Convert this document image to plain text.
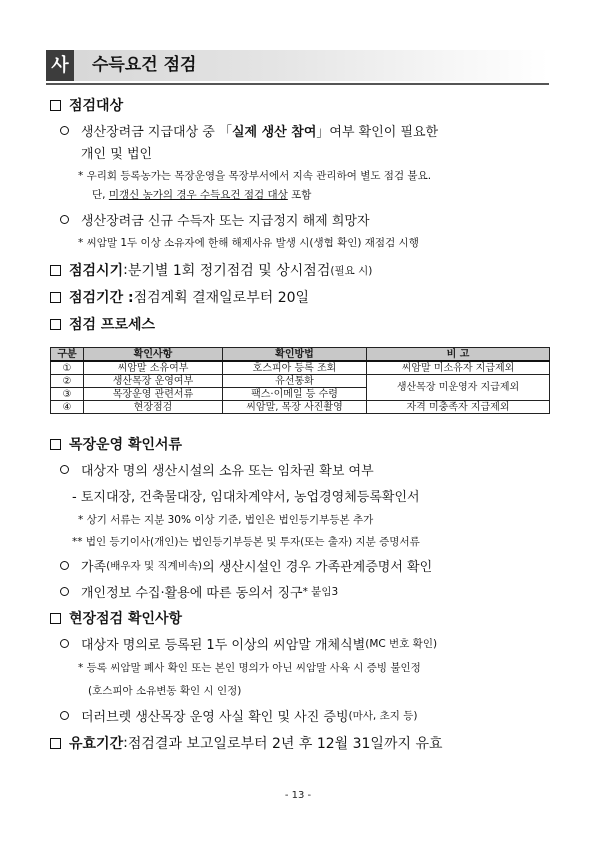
사	수득요건 점검
점검대상
생산장려금 지급대상 중 「 실제 생산 참여 」여부 확인이 필요한
개인 및 법인
* 우리회 등록농가는 목장운영을 목장부서에서 지속 관리하여 별도 점검 불요.
단, 미갱신 농가의 경우 수득요건 점검 대상 포함
생산장려금 신규 수득자 또는 지급정지 해제 희망자
* 씨암말 1두 이상 소유자에 한해 해제사유 발생 시(생협 확인) 재점검 시행
점검시기 : 분기별 1회 정기점검 및 상시점검 (필요 시)
점검기간 : 점검계획 결재일로부터 20일
점검 프로세스
구분	확인사항	확인방법	비 고
①	씨암말 소유여부	호스피아 등록 조회	씨암말 미소유자 지급제외
②	생산목장 운영여부	유선통화	생산목장 미운영자 지급제외
③	목장운영 관련서류	팩스·이메일 등 수령	
④	현장점검	씨암말, 목장 사진촬영	자격 미충족자 지급제외
목장운영 확인서류
대상자 명의 생산시설의 소유 또는 임차권 확보 여부
- 토지대장, 건축물대장, 임대차계약서, 농업경영체등록확인서
* 상기 서류는 지분 30% 이상 기준, 법인은 법인등기부등본 추가
** 법인 등기이사(개인)는 법인등기부등본 및 투자(또는 출자) 지분 증명서류
가족 (배우자 및 직계비속) 의 생산시설인 경우 가족관계증명서 확인
개인정보 수집·활용에 따른 동의서 징구 * 붙임3
현장점검 확인사항
대상자 명의로 등록된 1두 이상의 씨암말 개체식별 (MC 번호 확인)
* 등록 씨암말 폐사 확인 또는 본인 명의가 아닌 씨암말 사육 시 증빙 불인정
(호스피아 소유변동 확인 시 인정)
더러브렛 생산목장 운영 사실 확인 및 사진 증빙 (마사, 초지 등)
유효기간 : 점검결과 보고일로부터 2년 후 12월 31일까지 유효
- 13 -
